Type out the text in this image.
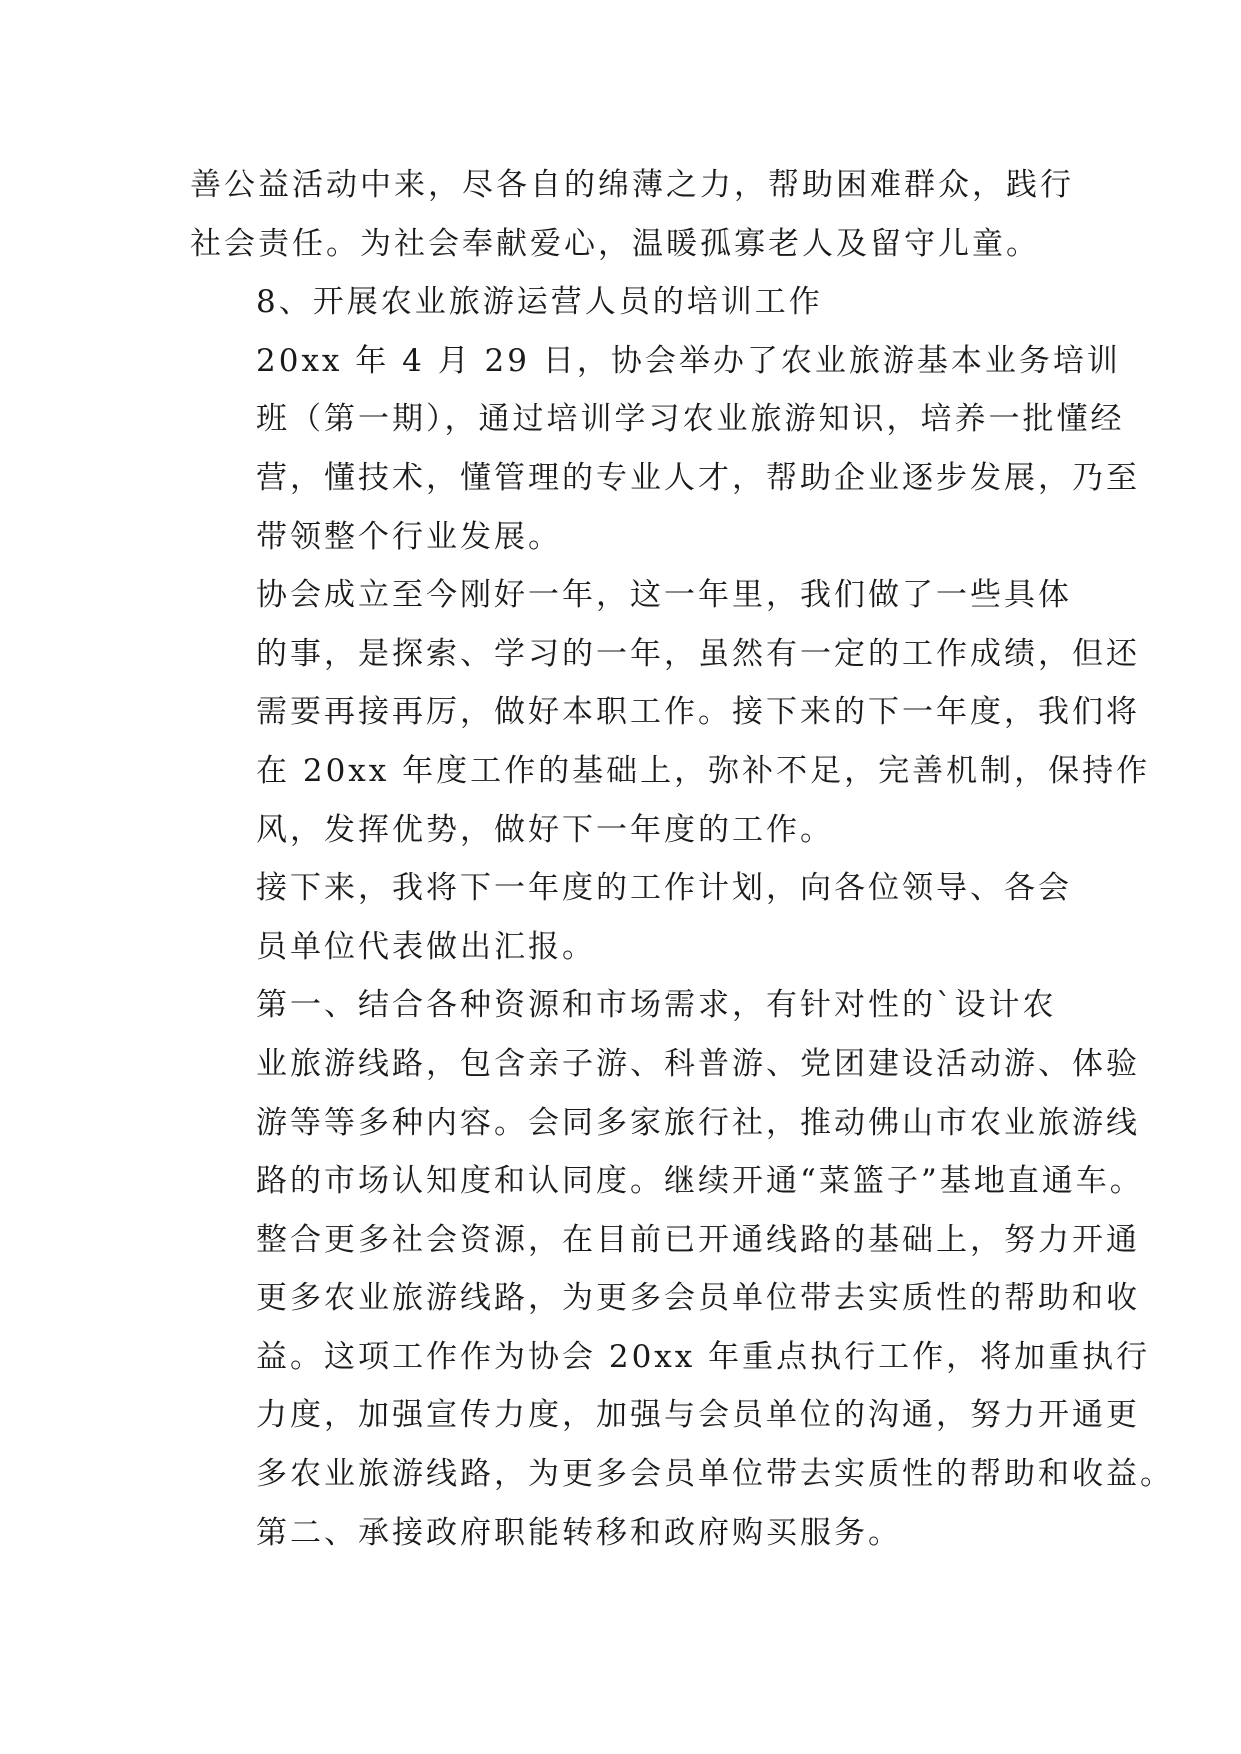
善公益活动中来，尽各自的绵薄之力，帮助困难群众，践行
社会责任。为社会奉献爱心，温暖孤寡老人及留守儿童。

8、开展农业旅游运营人员的培训工作

20xx 年 4 月 29 日，协会举办了农业旅游基本业务培训
班（第一期），通过培训学习农业旅游知识，培养一批懂经
营，懂技术，懂管理的专业人才，帮助企业逐步发展，乃至
带领整个行业发展。

协会成立至今刚好一年，这一年里，我们做了一些具体
的事，是探索、学习的一年，虽然有一定的工作成绩，但还
需要再接再厉，做好本职工作。接下来的下一年度，我们将
在 20xx 年度工作的基础上，弥补不足，完善机制，保持作
风，发挥优势，做好下一年度的工作。

接下来，我将下一年度的工作计划，向各位领导、各会
员单位代表做出汇报。

第一、结合各种资源和市场需求，有针对性的`设计农
业旅游线路，包含亲子游、科普游、党团建设活动游、体验
游等等多种内容。会同多家旅行社，推动佛山市农业旅游线
路的市场认知度和认同度。继续开通“菜篮子”基地直通车。
整合更多社会资源，在目前已开通线路的基础上，努力开通
更多农业旅游线路，为更多会员单位带去实质性的帮助和收
益。这项工作作为协会 20xx 年重点执行工作，将加重执行
力度，加强宣传力度，加强与会员单位的沟通，努力开通更
多农业旅游线路，为更多会员单位带去实质性的帮助和收益。

第二、承接政府职能转移和政府购买服务。
